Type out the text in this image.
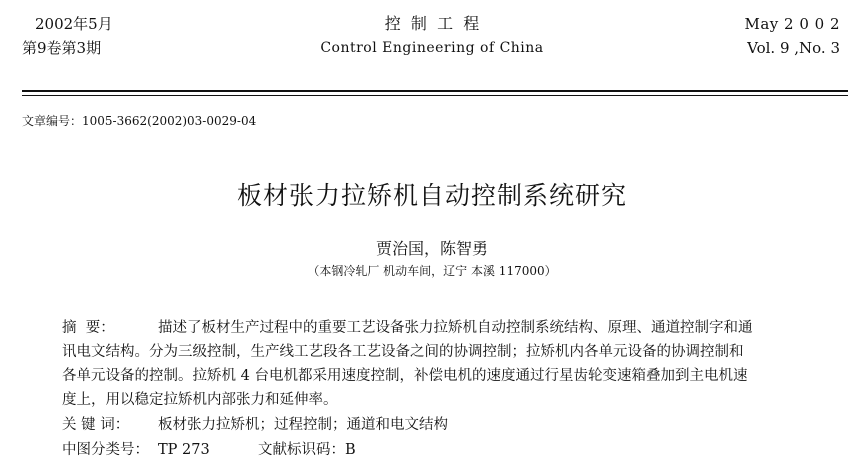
2002年5月
第9卷第3期
控  制  工  程
Control Engineering of China
May 2 0 0 2
Vol. 9 ,No. 3
文章编号：1005-3662(2002)03-0029-04
板材张力拉矫机自动控制系统研究
贾治国，陈智勇
（本钢冷轧厂 机动车间，辽宁 本溪 117000）
摘  要：	描述了板材生产过程中的重要工艺设备张力拉矫机自动控制系统结构、原理、通道控制字和通
讯电文结构。分为三级控制，生产线工艺段各工艺设备之间的协调控制；拉矫机内各单元设备的协调控制和
各单元设备的控制。拉矫机 4 台电机都采用速度控制，补偿电机的速度通过行星齿轮变速箱叠加到主电机速
度上，用以稳定拉矫机内部张力和延伸率。
关 键 词： 板材张力拉矫机；过程控制；通道和电文结构
中图分类号： TP 273	文献标识码：B
